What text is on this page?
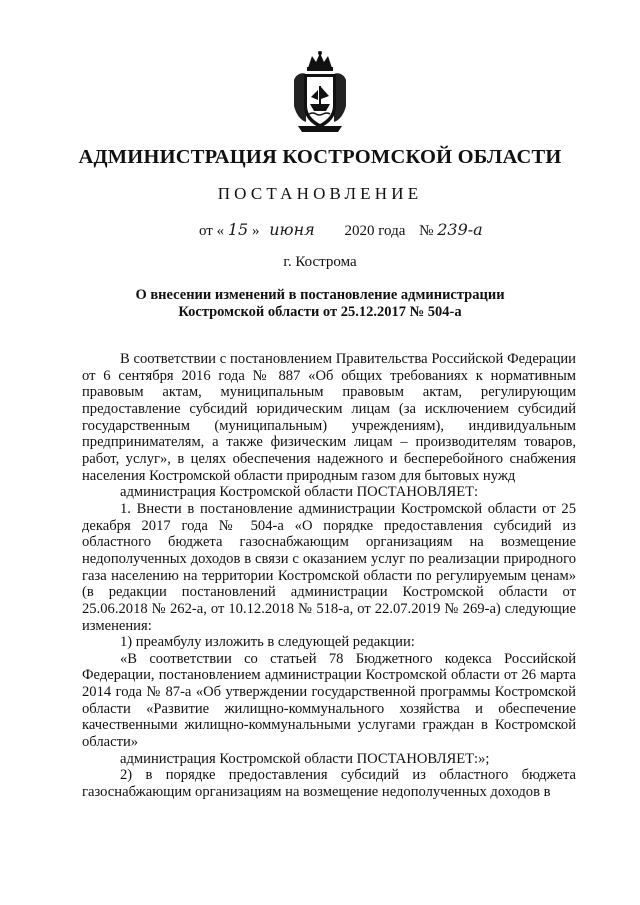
АДМИНИСТРАЦИЯ КОСТРОМСКОЙ ОБЛАСТИ
ПОСТАНОВЛЕНИЕ
от « 15 » июня 2020 года № 239-а
г. Кострома
О внесении изменений в постановление администрации
Костромской области от 25.12.2017 № 504-а

В соответствии с постановлением Правительства Российской Федерации от 6 сентября 2016 года № 887 «Об общих требованиях к нормативным правовым актам, муниципальным правовым актам, регулирующим предоставление субсидий юридическим лицам (за исключением субсидий государственным (муниципальным) учреждениям), индивидуальным предпринимателям, а также физическим лицам – производителям товаров, работ, услуг», в целях обеспечения надежного и бесперебойного снабжения населения Костромской области природным газом для бытовых нужд

администрация Костромской области ПОСТАНОВЛЯЕТ:

1. Внести в постановление администрации Костромской области от 25 декабря 2017 года № 504-а «О порядке предоставления субсидий из областного бюджета газоснабжающим организациям на возмещение недополученных доходов в связи с оказанием услуг по реализации природного газа населению на территории Костромской области по регулируемым ценам» (в редакции постановлений администрации Костромской области от 25.06.2018 № 262-а, от 10.12.2018 № 518-а, от 22.07.2019 № 269-а) следующие изменения:

1) преамбулу изложить в следующей редакции:

«В соответствии со статьей 78 Бюджетного кодекса Российской Федерации, постановлением администрации Костромской области от 26 марта 2014 года № 87-а «Об утверждении государственной программы Костромской области «Развитие жилищно-коммунального хозяйства и обеспечение качественными жилищно-коммунальными услугами граждан в Костромской области»

администрация Костромской области ПОСТАНОВЛЯЕТ:»;

2) в порядке предоставления субсидий из областного бюджета газоснабжающим организациям на возмещение недополученных доходов в
